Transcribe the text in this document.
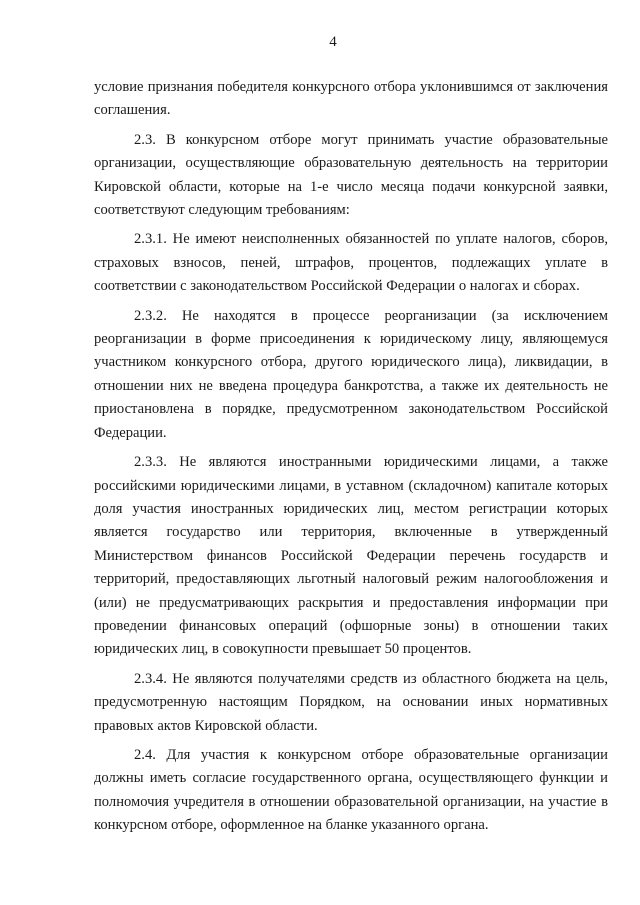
4

условие признания победителя конкурсного отбора уклонившимся от заключения соглашения.

2.3. В конкурсном отборе могут принимать участие образовательные организации, осуществляющие образовательную деятельность на территории Кировской области, которые на 1-е число месяца подачи конкурсной заявки, соответствуют следующим требованиям:

2.3.1. Не имеют неисполненных обязанностей по уплате налогов, сборов, страховых взносов, пеней, штрафов, процентов, подлежащих уплате в соответствии с законодательством Российской Федерации о налогах и сборах.

2.3.2. Не находятся в процессе реорганизации (за исключением реорганизации в форме присоединения к юридическому лицу, являющемуся участником конкурсного отбора, другого юридического лица), ликвидации, в отношении них не введена процедура банкротства, а также их деятельность не приостановлена в порядке, предусмотренном законодательством Российской Федерации.

2.3.3. Не являются иностранными юридическими лицами, а также российскими юридическими лицами, в уставном (складочном) капитале которых доля участия иностранных юридических лиц, местом регистрации которых является государство или территория, включенные в утвержденный Министерством финансов Российской Федерации перечень государств и территорий, предоставляющих льготный налоговый режим налогообложения и (или) не предусматривающих раскрытия и предоставления информации при проведении финансовых операций (офшорные зоны) в отношении таких юридических лиц, в совокупности превышает 50 процентов.

2.3.4. Не являются получателями средств из областного бюджета на цель, предусмотренную настоящим Порядком, на основании иных нормативных правовых актов Кировской области.

2.4. Для участия к конкурсном отборе образовательные организации должны иметь согласие государственного органа, осуществляющего функции и полномочия учредителя в отношении образовательной организации, на участие в конкурсном отборе, оформленное на бланке указанного органа.
